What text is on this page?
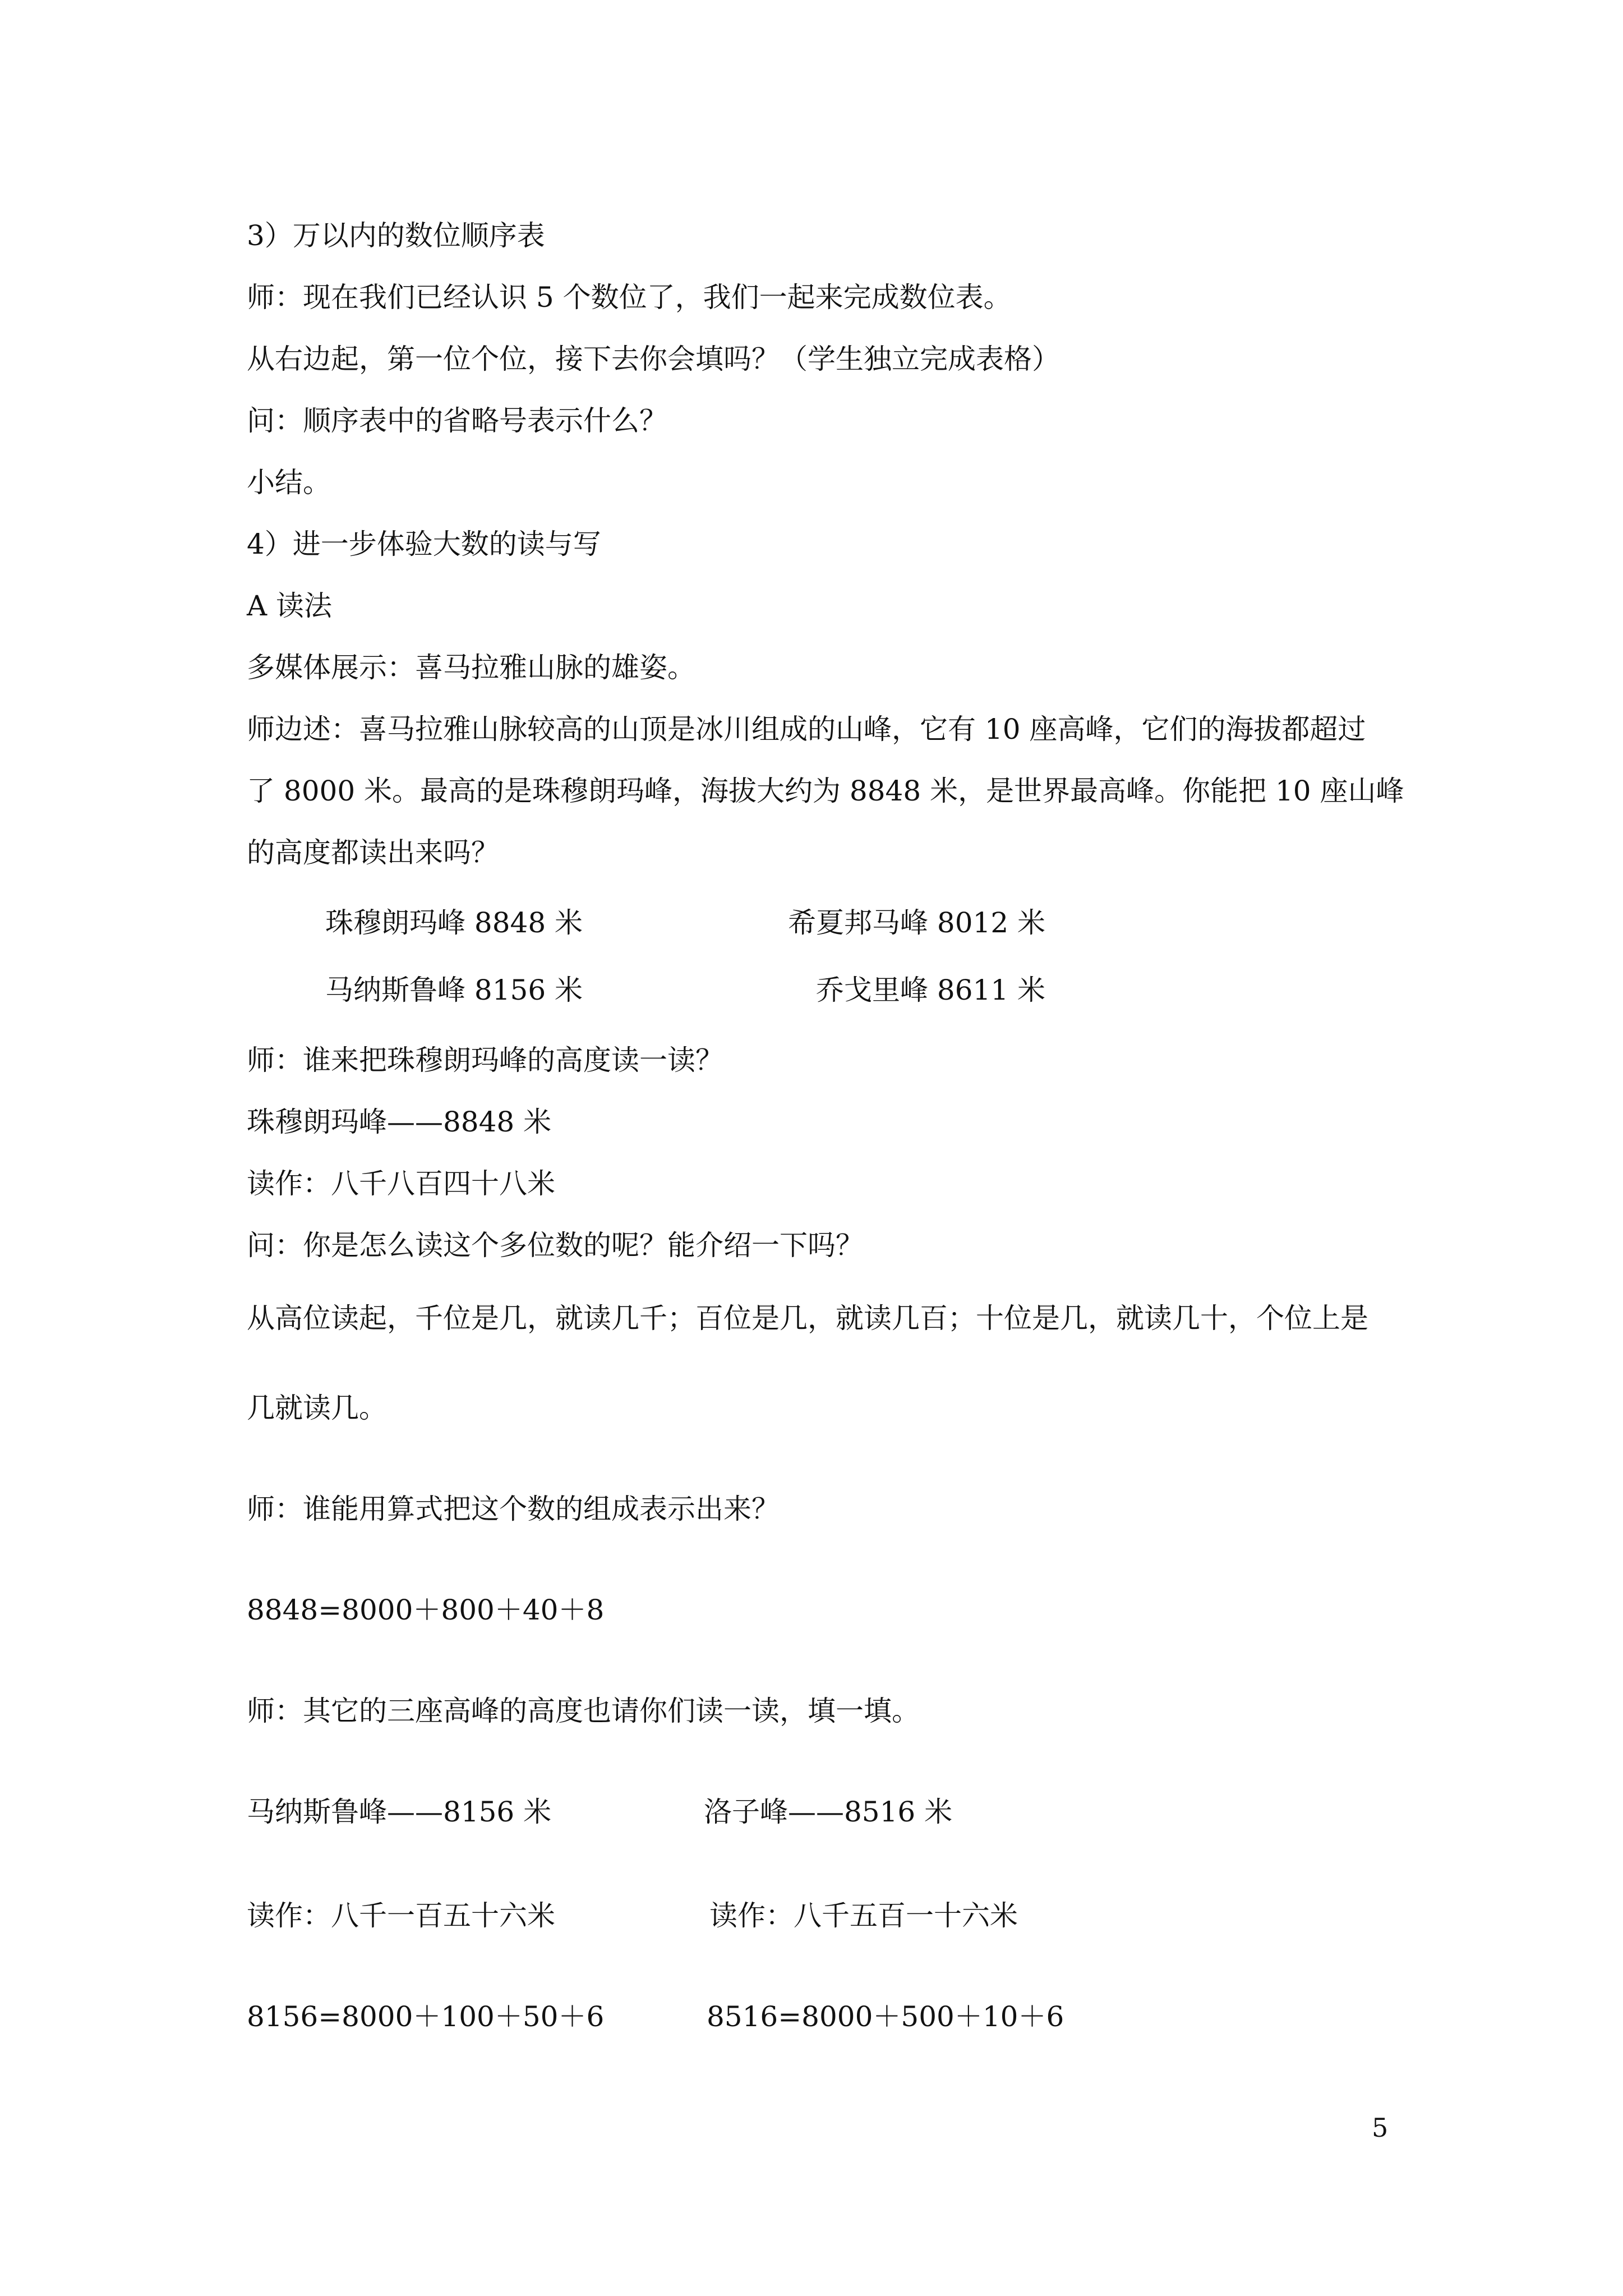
3）万以内的数位顺序表

师：现在我们已经认识 5 个数位了，我们一起来完成数位表。

从右边起，第一位个位，接下去你会填吗？（学生独立完成表格）

问：顺序表中的省略号表示什么？

小结。

4）进一步体验大数的读与写

A 读法

多媒体展示：喜马拉雅山脉的雄姿。

师边述：喜马拉雅山脉较高的山顶是冰川组成的山峰，它有 10 座高峰，它们的海拔都超过

了 8000 米。最高的是珠穆朗玛峰，海拔大约为 8848 米，是世界最高峰。你能把 10 座山峰

的高度都读出来吗？

珠穆朗玛峰 8848 米	希夏邦马峰 8012 米

马纳斯鲁峰 8156 米	乔戈里峰 8611 米

师：谁来把珠穆朗玛峰的高度读一读？

珠穆朗玛峰——8848 米

读作：八千八百四十八米

问：你是怎么读这个多位数的呢？能介绍一下吗？

从高位读起，千位是几，就读几千；百位是几，就读几百；十位是几，就读几十，个位上是

几就读几。

师：谁能用算式把这个数的组成表示出来？

8848=8000＋800＋40＋8

师：其它的三座高峰的高度也请你们读一读，填一填。

马纳斯鲁峰——8156 米	洛子峰——8516 米

读作：八千一百五十六米	读作：八千五百一十六米

8156=8000＋100＋50＋6	8516=8000＋500＋10＋6

5
